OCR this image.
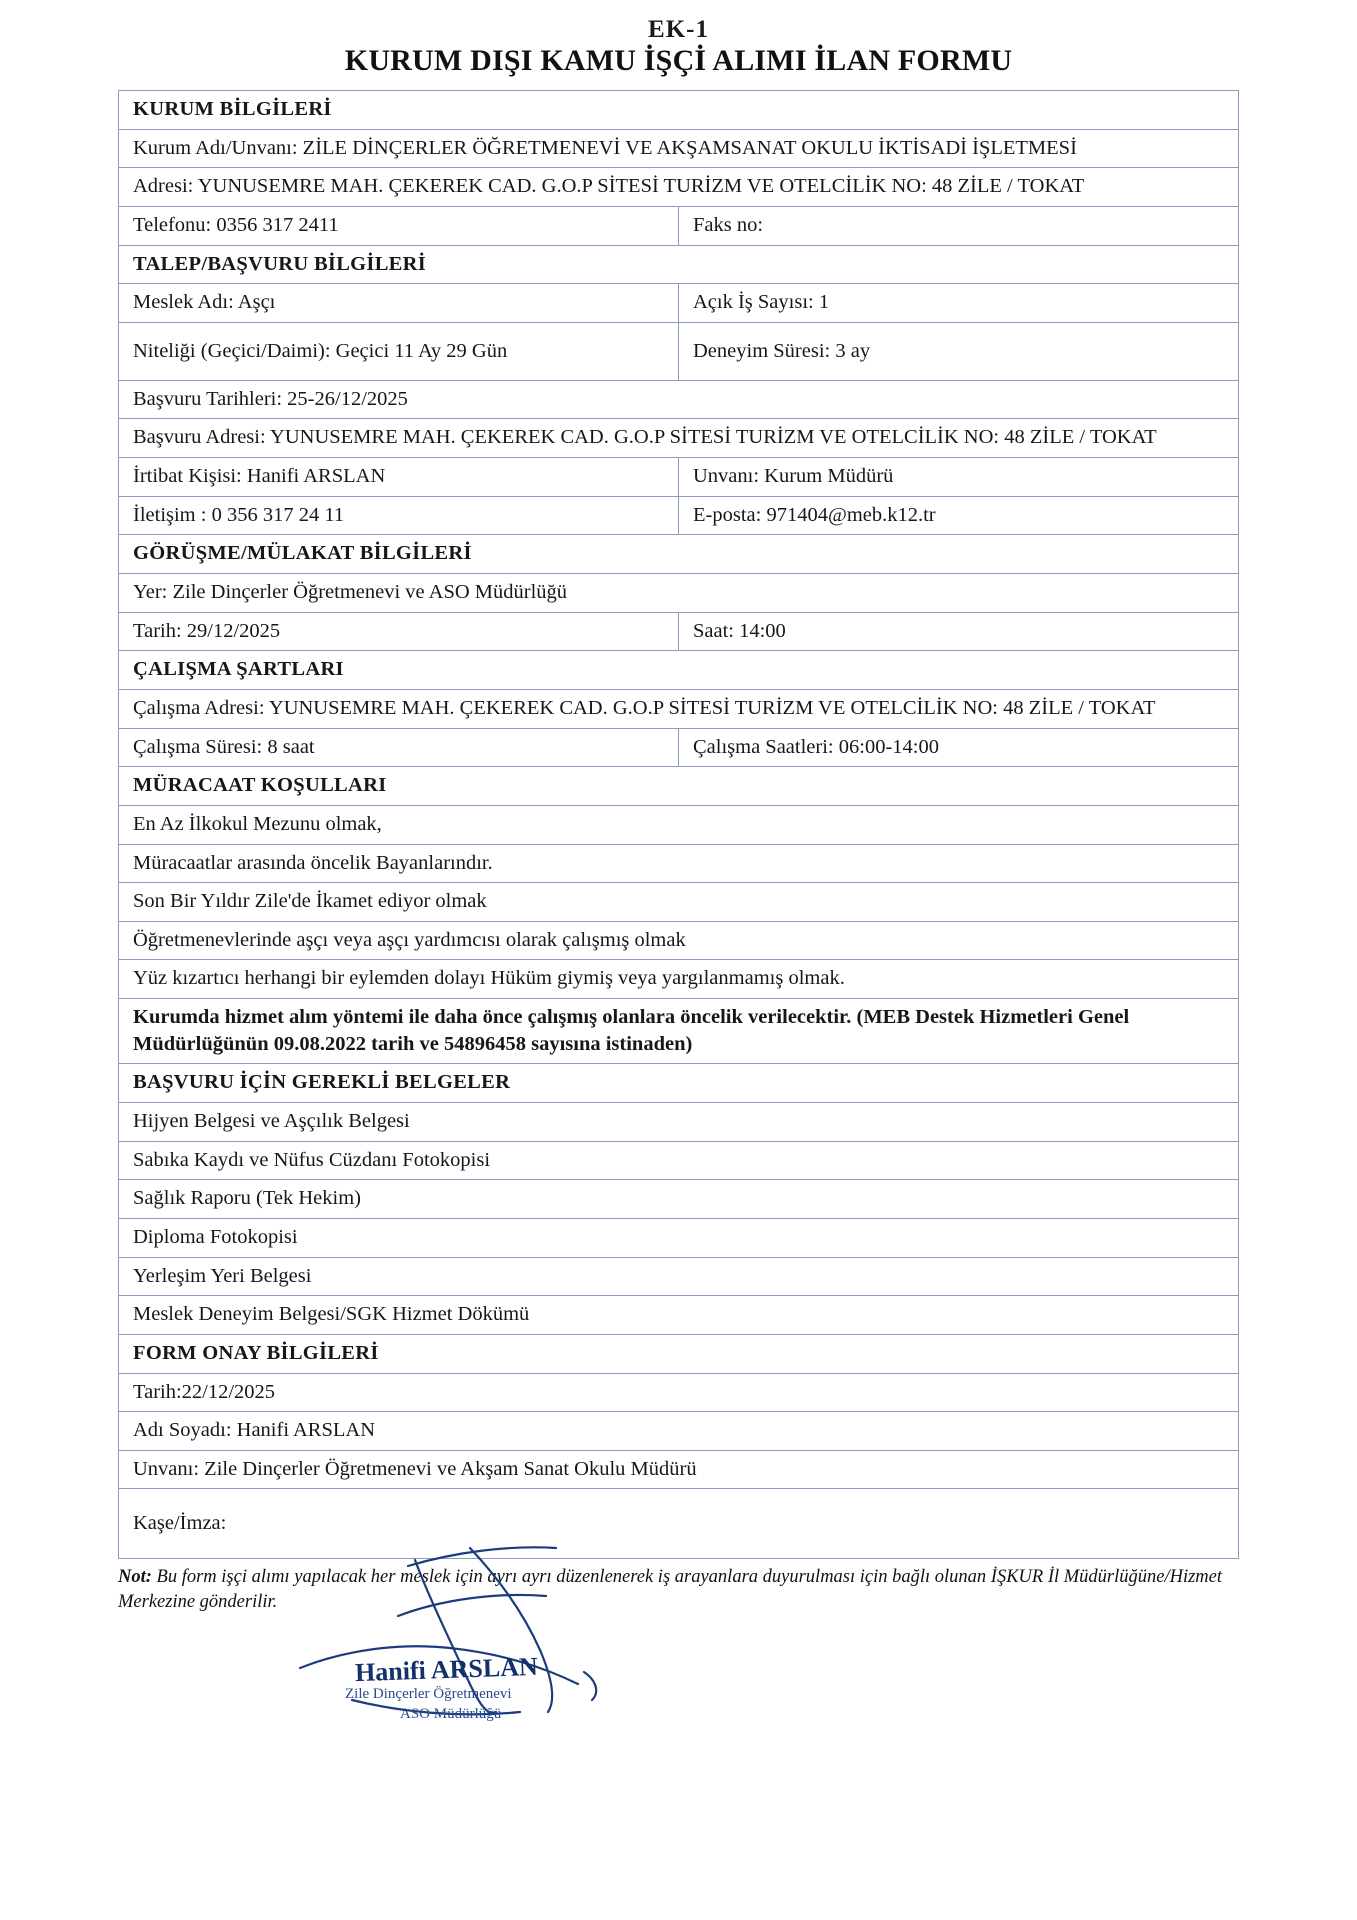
EK-1
KURUM DIŞI KAMU İŞÇİ ALIMI İLAN FORMU
KURUM BİLGİLERİ	
Kurum Adı/Unvanı: ZİLE DİNÇERLER ÖĞRETMENEVİ VE AKŞAMSANAT OKULU İKTİSADİ İŞLETMESİ	
Adresi: YUNUSEMRE MAH. ÇEKEREK CAD. G.O.P SİTESİ TURİZM VE OTELCİLİK NO: 48 ZİLE / TOKAT	
Telefonu: 0356 317 2411	Faks no:
TALEP/BAŞVURU BİLGİLERİ	
Meslek Adı: Aşçı	Açık İş Sayısı: 1
Niteliği (Geçici/Daimi): Geçici 11 Ay 29 Gün	Deneyim Süresi: 3 ay
Başvuru Tarihleri: 25-26/12/2025	
Başvuru Adresi: YUNUSEMRE MAH. ÇEKEREK CAD. G.O.P SİTESİ TURİZM VE OTELCİLİK NO: 48 ZİLE / TOKAT	
İrtibat Kişisi: Hanifi ARSLAN	Unvanı: Kurum Müdürü
İletişim : 0 356 317 24 11	E-posta: 971404@meb.k12.tr
GÖRÜŞME/MÜLAKAT BİLGİLERİ	
Yer: Zile Dinçerler Öğretmenevi ve ASO Müdürlüğü	
Tarih: 29/12/2025	Saat: 14:00
ÇALIŞMA ŞARTLARI	
Çalışma Adresi: YUNUSEMRE MAH. ÇEKEREK CAD. G.O.P SİTESİ TURİZM VE OTELCİLİK NO: 48 ZİLE / TOKAT	
Çalışma Süresi: 8 saat	Çalışma Saatleri: 06:00-14:00
MÜRACAAT KOŞULLARI	
En Az İlkokul Mezunu olmak,	
Müracaatlar arasında öncelik Bayanlarındır.	
Son Bir Yıldır Zile'de İkamet ediyor olmak	
Öğretmenevlerinde aşçı veya aşçı yardımcısı olarak çalışmış olmak	
Yüz kızartıcı herhangi bir eylemden dolayı Hüküm giymiş veya yargılanmamış olmak.	
Kurumda hizmet alım yöntemi ile daha önce çalışmış olanlara öncelik verilecektir. (MEB Destek Hizmetleri Genel Müdürlüğünün 09.08.2022 tarih ve 54896458 sayısına istinaden)	
BAŞVURU İÇİN GEREKLİ BELGELER	
Hijyen Belgesi ve Aşçılık Belgesi	
Sabıka Kaydı ve Nüfus Cüzdanı Fotokopisi	
Sağlık Raporu (Tek Hekim)	
Diploma Fotokopisi	
Yerleşim Yeri Belgesi	
Meslek Deneyim Belgesi/SGK Hizmet Dökümü	
FORM ONAY BİLGİLERİ	
Tarih:22/12/2025	
Adı Soyadı: Hanifi ARSLAN	
Unvanı: Zile Dinçerler Öğretmenevi ve Akşam Sanat Okulu Müdürü	
Kaşe/İmza:	
Not: Bu form işçi alımı yapılacak her meslek için ayrı ayrı düzenlenerek iş arayanlara duyurulması için bağlı olunan İŞKUR İl Müdürlüğüne/Hizmet Merkezine gönderilir.
Hanifi ARSLAN
Zile Dinçerler Öğretmenevi
ASO Müdürlüğü
